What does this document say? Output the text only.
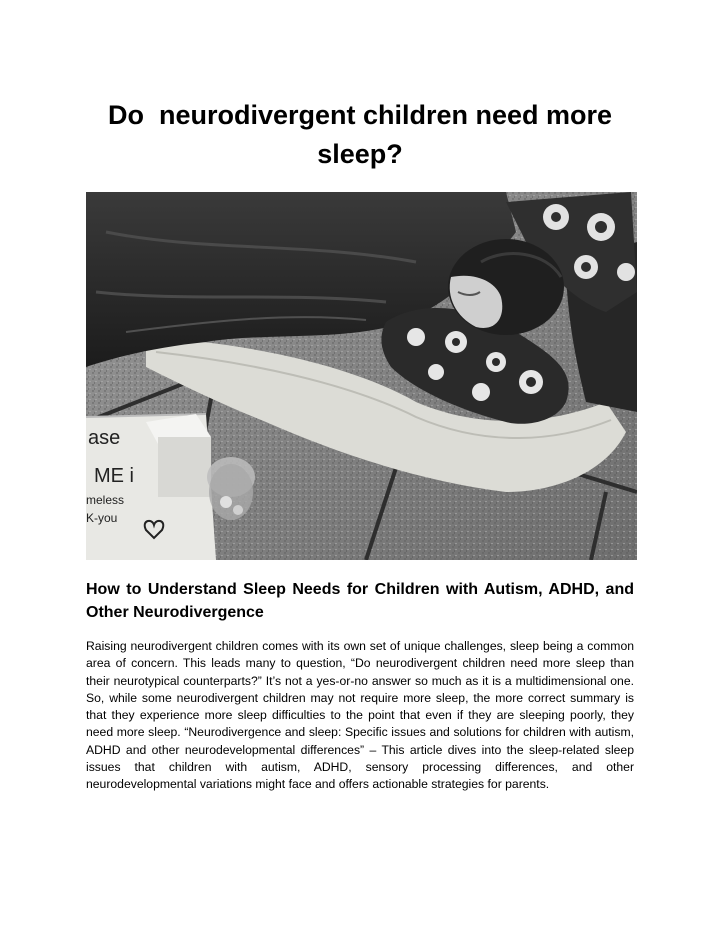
Do  neurodivergent children need more sleep?
ase
ME i
meless
K-you
How to Understand Sleep Needs for Children with Autism, ADHD, and Other Neurodivergence

Raising neurodivergent children comes with its own set of unique challenges, sleep being a common area of concern. This leads many to question, “Do neurodivergent children need more sleep than their neurotypical counterparts?” It’s not a yes-or-no answer so much as it is a multidimensional one. So, while some neurodivergent children may not require more sleep, the more correct summary is that they experience more sleep difficulties to the point that even if they are sleeping poorly, they need more sleep. “Neurodivergence and sleep: Specific issues and solutions for children with autism, ADHD and other neurodevelopmental differences” – This article dives into the sleep-related sleep issues that children with autism, ADHD, sensory processing differences, and other neurodevelopmental variations might face and offers actionable strategies for parents.
